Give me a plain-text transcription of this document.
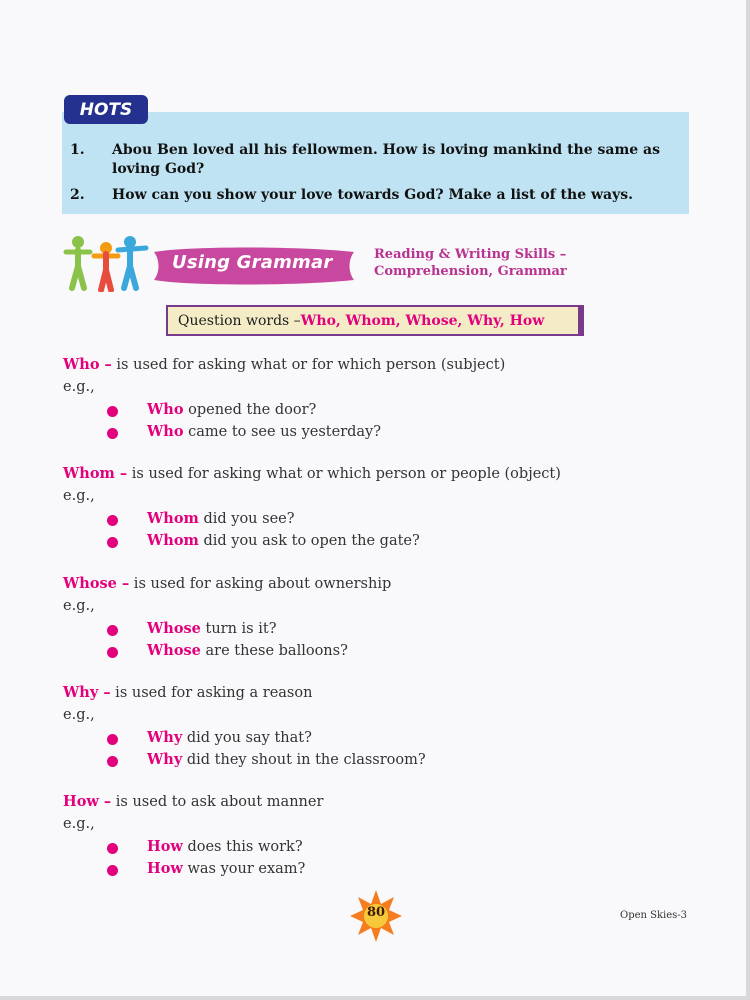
1.	Abou Ben loved all his fellowmen. How is loving mankind the same as loving God?
2.	How can you show your love towards God? Make a list of the ways.
HOTS
Using Grammar	Reading & Writing Skills –
Comprehension, Grammar
Question words – Who, Whom, Whose, Why, How
Who – is used for asking what or for which person (subject)
e.g.,
Who opened the door?
Who came to see us yesterday?
Whom – is used for asking what or which person or people (object)
e.g.,
Whom did you see?
Whom did you ask to open the gate?
Whose – is used for asking about ownership
e.g.,
Whose turn is it?
Whose are these balloons?
Why – is used for asking a reason
e.g.,
Why did you say that?
Why did they shout in the classroom?
How – is used to ask about manner
e.g.,
How does this work?
How was your exam?
80	Open Skies-3
